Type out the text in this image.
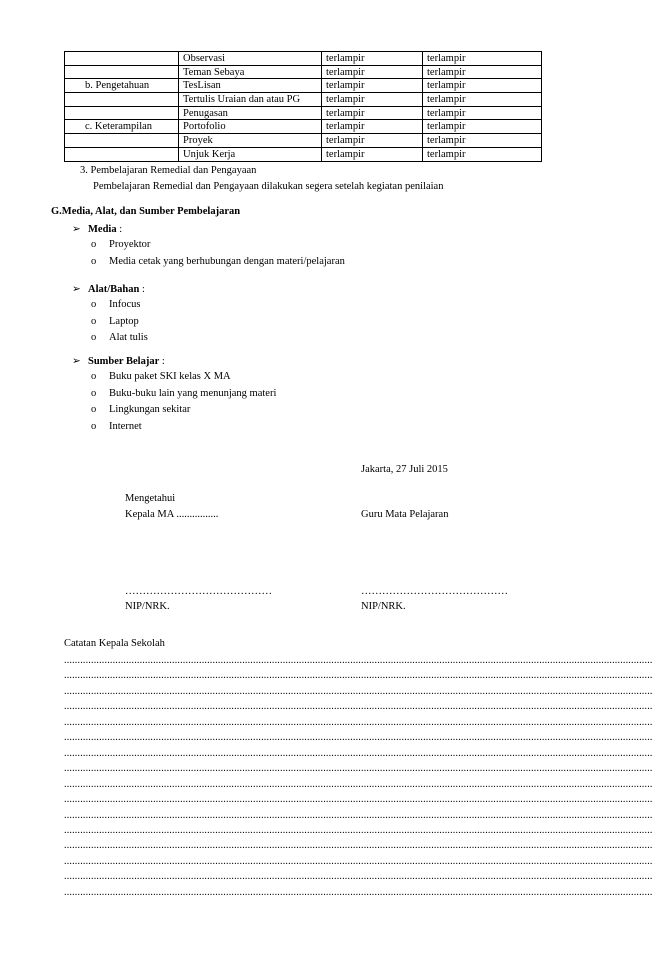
	Observasi	terlampir	terlampir
	Teman Sebaya	terlampir	terlampir
b. Pengetahuan	TesLisan	terlampir	terlampir
	Tertulis Uraian dan atau PG	terlampir	terlampir
	Penugasan	terlampir	terlampir
c. Keterampilan	Portofolio	terlampir	terlampir
	Proyek	terlampir	terlampir
	Unjuk Kerja	terlampir	terlampir
3. Pembelajaran Remedial dan Pengayaan
Pembelajaran Remedial dan Pengayaan dilakukan segera setelah kegiatan penilaian
G.Media, Alat, dan Sumber Pembelajaran
➢ Media :
o Proyektor
o Media cetak yang berhubungan dengan materi/pelajaran
➢ Alat/Bahan :
o Infocus
o Laptop
o Alat tulis
➢ Sumber Belajar :
o Buku paket SKI kelas X MA
o Buku-buku lain yang menunjang materi
o Lingkungan sekitar
o Internet
Jakarta, 27 Juli 2015
Mengetahui
Kepala MA ................	Guru Mata Pelajaran
……………………………………	……………………………………
NIP/NRK.	NIP/NRK.
Catatan Kepala Sekolah
..........................................................................................................................................................................................................................
..........................................................................................................................................................................................................................
..........................................................................................................................................................................................................................
..........................................................................................................................................................................................................................
..........................................................................................................................................................................................................................
..........................................................................................................................................................................................................................
..........................................................................................................................................................................................................................
..........................................................................................................................................................................................................................
..........................................................................................................................................................................................................................
..........................................................................................................................................................................................................................
..........................................................................................................................................................................................................................
..........................................................................................................................................................................................................................
..........................................................................................................................................................................................................................
..........................................................................................................................................................................................................................
..........................................................................................................................................................................................................................
..........................................................................................................................................................................................................................
